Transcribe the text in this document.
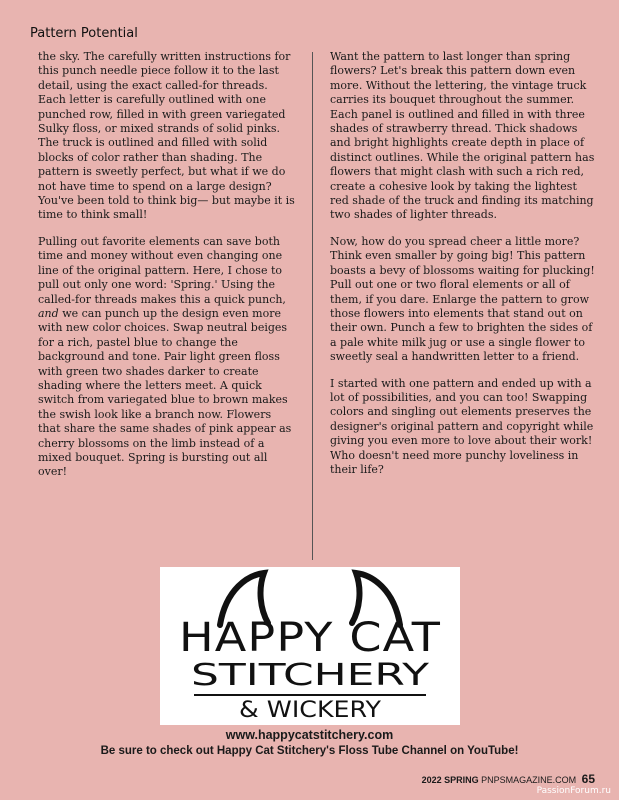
Pattern Potential

the sky. The carefully written instructions for this punch needle piece follow it to the last detail, using the exact called-for threads. Each letter is carefully outlined with one punched row, filled in with green variegated Sulky floss, or mixed strands of solid pinks. The truck is outlined and filled with solid blocks of color rather than shading. The pattern is sweetly perfect, but what if we do not have time to spend on a large design? You've been told to think big— but maybe it is time to think small!

Pulling out favorite elements can save both time and money without even changing one line of the original pattern. Here, I chose to pull out only one word: 'Spring.' Using the called-for threads makes this a quick punch, and we can punch up the design even more with new color choices. Swap neutral beiges for a rich, pastel blue to change the background and tone. Pair light green floss with green two shades darker to create shading where the letters meet. A quick switch from variegated blue to brown makes the swish look like a branch now. Flowers that share the same shades of pink appear as cherry blossoms on the limb instead of a mixed bouquet. Spring is bursting out all over!

Want the pattern to last longer than spring flowers? Let's break this pattern down even more. Without the lettering, the vintage truck carries its bouquet throughout the summer. Each panel is outlined and filled in with three shades of strawberry thread. Thick shadows and bright highlights create depth in place of distinct outlines. While the original pattern has flowers that might clash with such a rich red, create a cohesive look by taking the lightest red shade of the truck and finding its matching two shades of lighter threads.

Now, how do you spread cheer a little more? Think even smaller by going big! This pattern boasts a bevy of blossoms waiting for plucking! Pull out one or two floral elements or all of them, if you dare. Enlarge the pattern to grow those flowers into elements that stand out on their own. Punch a few to brighten the sides of a pale white milk jug or use a single flower to sweetly seal a handwritten letter to a friend.

I started with one pattern and ended up with a lot of possibilities, and you can too! Swapping colors and singling out elements preserves the designer's original pattern and copyright while giving you even more to love about their work! Who doesn't need more punchy loveliness in their life?

HAPPY CAT
STITCHERY
& WICKERY
www.happycatstitchery.com
Be sure to check out Happy Cat Stitchery's Floss Tube Channel on YouTube!
2022 SPRING PNPSMAGAZINE.COM 65
PassionForum.ru
